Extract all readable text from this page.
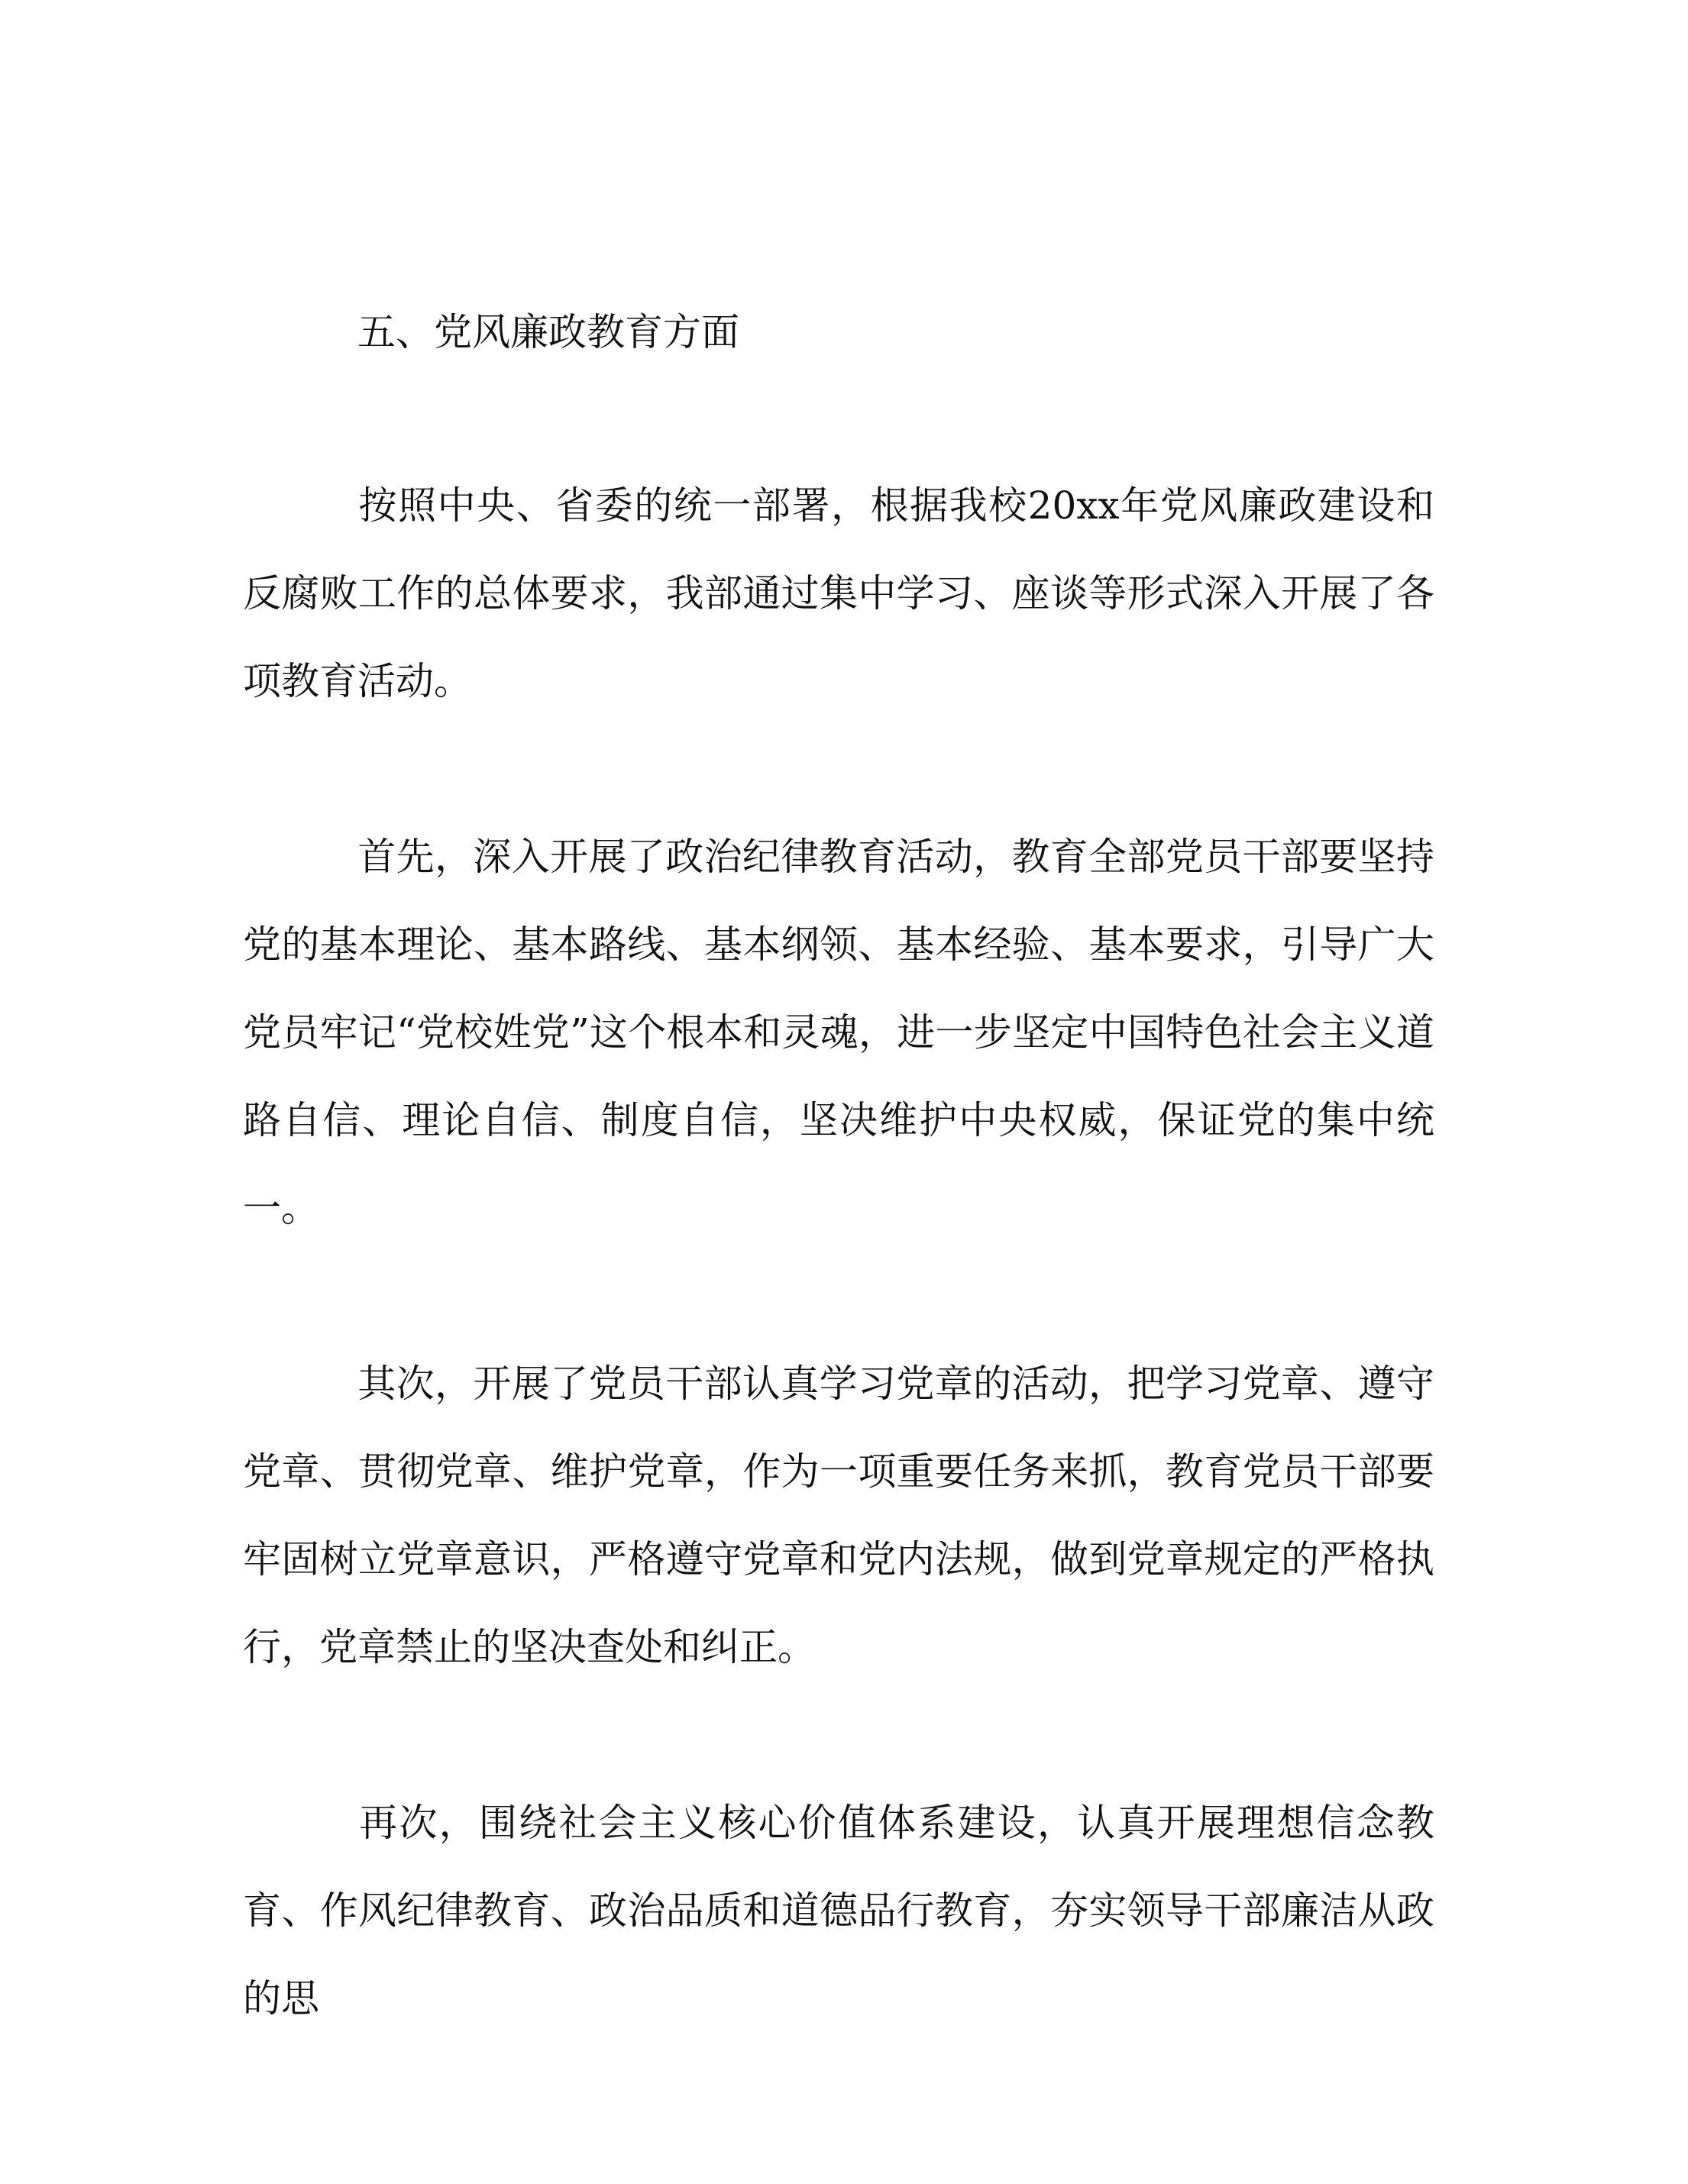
五、党风廉政教育方面

按照中央、省委的统一部署，根据我校20xx年党风廉政建设和反腐败工作的总体要求，我部通过集中学习、座谈等形式深入开展了各项教育活动。

首先，深入开展了政治纪律教育活动，教育全部党员干部要坚持党的基本理论、基本路线、基本纲领、基本经验、基本要求，引导广大党员牢记“党校姓党”这个根本和灵魂，进一步坚定中国特色社会主义道路自信、理论自信、制度自信，坚决维护中央权威，保证党的集中统一。

其次，开展了党员干部认真学习党章的活动，把学习党章、遵守党章、贯彻党章、维护党章，作为一项重要任务来抓，教育党员干部要牢固树立党章意识，严格遵守党章和党内法规，做到党章规定的严格执行，党章禁止的坚决查处和纠正。

再次，围绕社会主义核心价值体系建设，认真开展理想信念教育、作风纪律教育、政治品质和道德品行教育，夯实领导干部廉洁从政的思
